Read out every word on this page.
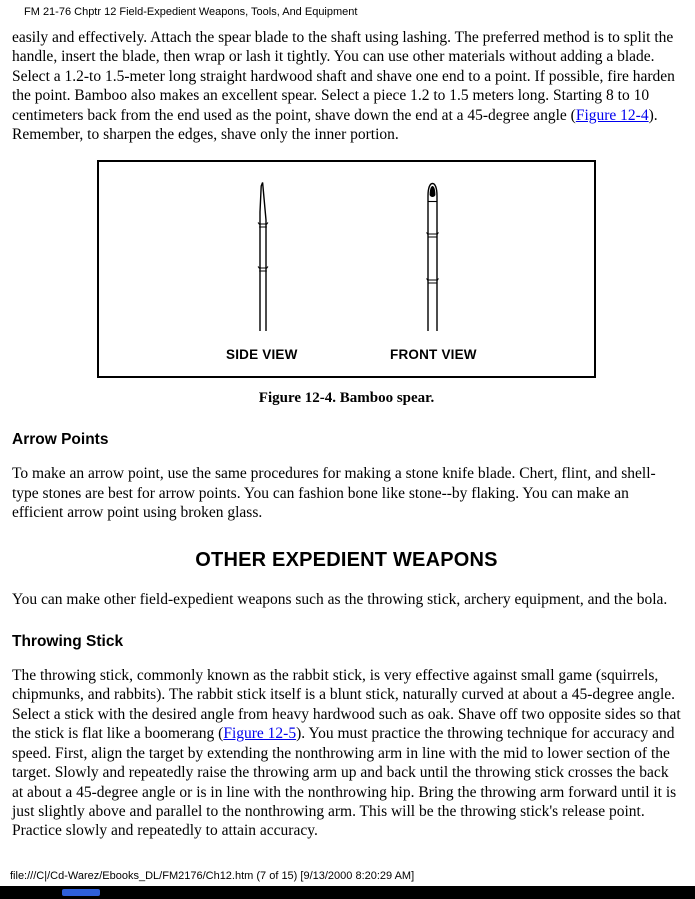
FM 21-76 Chptr 12 Field-Expedient Weapons, Tools, And Equipment

easily and effectively. Attach the spear blade to the shaft using lashing. The preferred method is to split the handle, insert the blade, then wrap or lash it tightly. You can use other materials without adding a blade. Select a 1.2-to 1.5-meter long straight hardwood shaft and shave one end to a point. If possible, fire harden the point. Bamboo also makes an excellent spear. Select a piece 1.2 to 1.5 meters long. Starting 8 to 10 centimeters back from the end used as the point, shave down the end at a 45-degree angle (Figure 12-4). Remember, to sharpen the edges, shave only the inner portion.

SIDE VIEW	FRONT VIEW
Figure 12-4. Bamboo spear.
Arrow Points

To make an arrow point, use the same procedures for making a stone knife blade. Chert, flint, and shell-type stones are best for arrow points. You can fashion bone like stone--by flaking. You can make an efficient arrow point using broken glass.

OTHER EXPEDIENT WEAPONS

You can make other field-expedient weapons such as the throwing stick, archery equipment, and the bola.

Throwing Stick

The throwing stick, commonly known as the rabbit stick, is very effective against small game (squirrels, chipmunks, and rabbits). The rabbit stick itself is a blunt stick, naturally curved at about a 45-degree angle. Select a stick with the desired angle from heavy hardwood such as oak. Shave off two opposite sides so that the stick is flat like a boomerang (Figure 12-5). You must practice the throwing technique for accuracy and speed. First, align the target by extending the nonthrowing arm in line with the mid to lower section of the target. Slowly and repeatedly raise the throwing arm up and back until the throwing stick crosses the back at about a 45-degree angle or is in line with the nonthrowing hip. Bring the throwing arm forward until it is just slightly above and parallel to the nonthrowing arm. This will be the throwing stick's release point. Practice slowly and repeatedly to attain accuracy.

file:///C|/Cd-Warez/Ebooks_DL/FM2176/Ch12.htm (7 of 15) [9/13/2000 8:20:29 AM]
